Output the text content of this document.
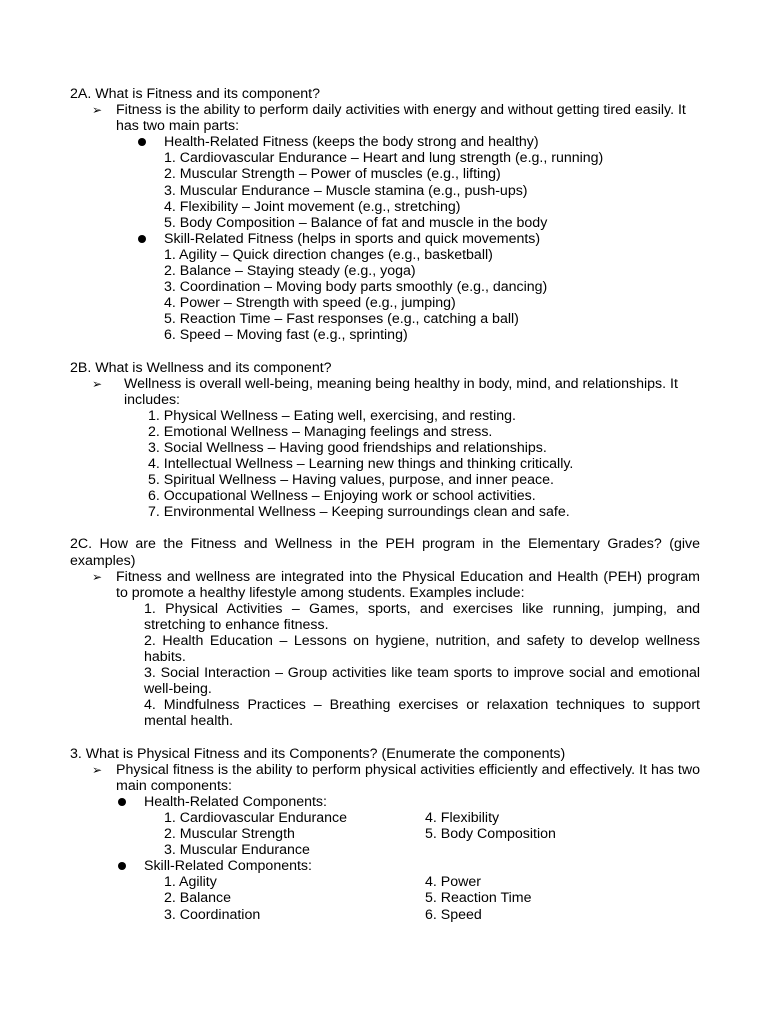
2A. What is Fitness and its component?
➢ Fitness is the ability to perform daily activities with energy and without getting tired easily. It has two main parts:
Health-Related Fitness (keeps the body strong and healthy)
1. Cardiovascular Endurance – Heart and lung strength (e.g., running)
2. Muscular Strength – Power of muscles (e.g., lifting)
3. Muscular Endurance – Muscle stamina (e.g., push-ups)
4. Flexibility – Joint movement (e.g., stretching)
5. Body Composition – Balance of fat and muscle in the body
Skill-Related Fitness (helps in sports and quick movements)
1. Agility – Quick direction changes (e.g., basketball)
2. Balance – Staying steady (e.g., yoga)
3. Coordination – Moving body parts smoothly (e.g., dancing)
4. Power – Strength with speed (e.g., jumping)
5. Reaction Time – Fast responses (e.g., catching a ball)
6. Speed – Moving fast (e.g., sprinting)
2B. What is Wellness and its component?
➢	Wellness is overall well-being, meaning being healthy in body, mind, and relationships. It includes:
1. Physical Wellness – Eating well, exercising, and resting.
2. Emotional Wellness – Managing feelings and stress.
3. Social Wellness – Having good friendships and relationships.
4. Intellectual Wellness – Learning new things and thinking critically.
5. Spiritual Wellness – Having values, purpose, and inner peace.
6. Occupational Wellness – Enjoying work or school activities.
7. Environmental Wellness – Keeping surroundings clean and safe.
2C. How are the Fitness and Wellness in the PEH program in the Elementary Grades? (give examples)
➢ Fitness and wellness are integrated into the Physical Education and Health (PEH) program to promote a healthy lifestyle among students. Examples include:
1. Physical Activities – Games, sports, and exercises like running, jumping, and stretching to enhance fitness.
2. Health Education – Lessons on hygiene, nutrition, and safety to develop wellness habits.
3. Social Interaction – Group activities like team sports to improve social and emotional well-being.
4. Mindfulness Practices – Breathing exercises or relaxation techniques to support mental health.
3. What is Physical Fitness and its Components? (Enumerate the components)
➢ Physical fitness is the ability to perform physical activities efficiently and effectively. It has two main components:
Health-Related Components:
1. Cardiovascular Endurance
2. Muscular Strength
3. Muscular Endurance
4. Flexibility
5. Body Composition
Skill-Related Components:
1. Agility
2. Balance
3. Coordination
4. Power
5. Reaction Time
6. Speed
